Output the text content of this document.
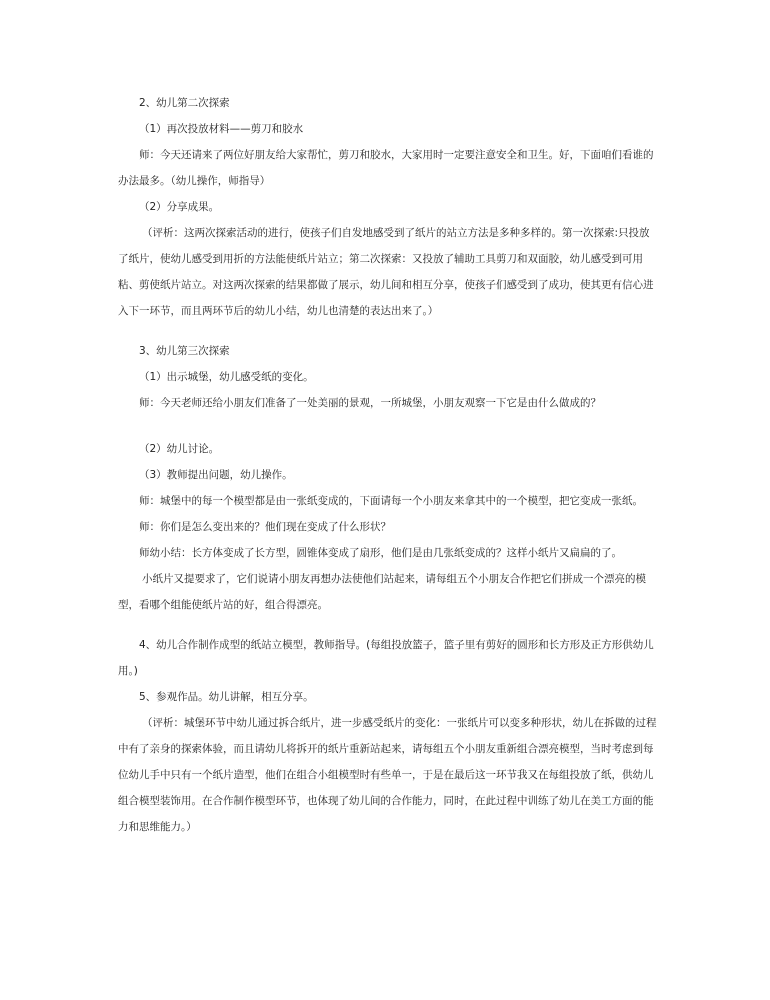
2、幼儿第二次探索

（1）再次投放材料——剪刀和胶水

师：今天还请来了两位好朋友给大家帮忙，剪刀和胶水，大家用时一定要注意安全和卫生。好，下面咱们看谁的办法最多。（幼儿操作，师指导）

（2）分享成果。

（评析：这两次探索活动的进行，使孩子们自发地感受到了纸片的站立方法是多种多样的。第一次探索:只投放了纸片，使幼儿感受到用折的方法能使纸片站立；第二次探索：又投放了辅助工具剪刀和双面胶，幼儿感受到可用粘、剪使纸片站立。对这两次探索的结果都做了展示，幼儿间和相互分享，使孩子们感受到了成功，使其更有信心进入下一环节，而且两环节后的幼儿小结，幼儿也清楚的表达出来了。）

3、幼儿第三次探索

（1）出示城堡，幼儿感受纸的变化。

师：今天老师还给小朋友们准备了一处美丽的景观，一所城堡，小朋友观察一下它是由什么做成的？

（2）幼儿讨论。

（3）教师提出问题，幼儿操作。

师：城堡中的每一个模型都是由一张纸变成的，下面请每一个小朋友来拿其中的一个模型，把它变成一张纸。

师：你们是怎么变出来的？他们现在变成了什么形状？

师幼小结：长方体变成了长方型，圆锥体变成了扇形，他们是由几张纸变成的？这样小纸片又扁扁的了。

小纸片又提要求了，它们说请小朋友再想办法使他们站起来，请每组五个小朋友合作把它们拼成一个漂亮的模型，看哪个组能使纸片站的好，组合得漂亮。

4、幼儿合作制作成型的纸站立模型，教师指导。(每组投放篮子，篮子里有剪好的圆形和长方形及正方形供幼儿用。)

5、参观作品。幼儿讲解，相互分享。

（评析：城堡环节中幼儿通过拆合纸片，进一步感受纸片的变化：一张纸片可以变多种形状，幼儿在拆做的过程中有了亲身的探索体验，而且请幼儿将拆开的纸片重新站起来，请每组五个小朋友重新组合漂亮模型，当时考虑到每位幼儿手中只有一个纸片造型，他们在组合小组模型时有些单一，于是在最后这一环节我又在每组投放了纸，供幼儿组合模型装饰用。在合作制作模型环节，也体现了幼儿间的合作能力，同时，在此过程中训练了幼儿在美工方面的能力和思维能力。）
